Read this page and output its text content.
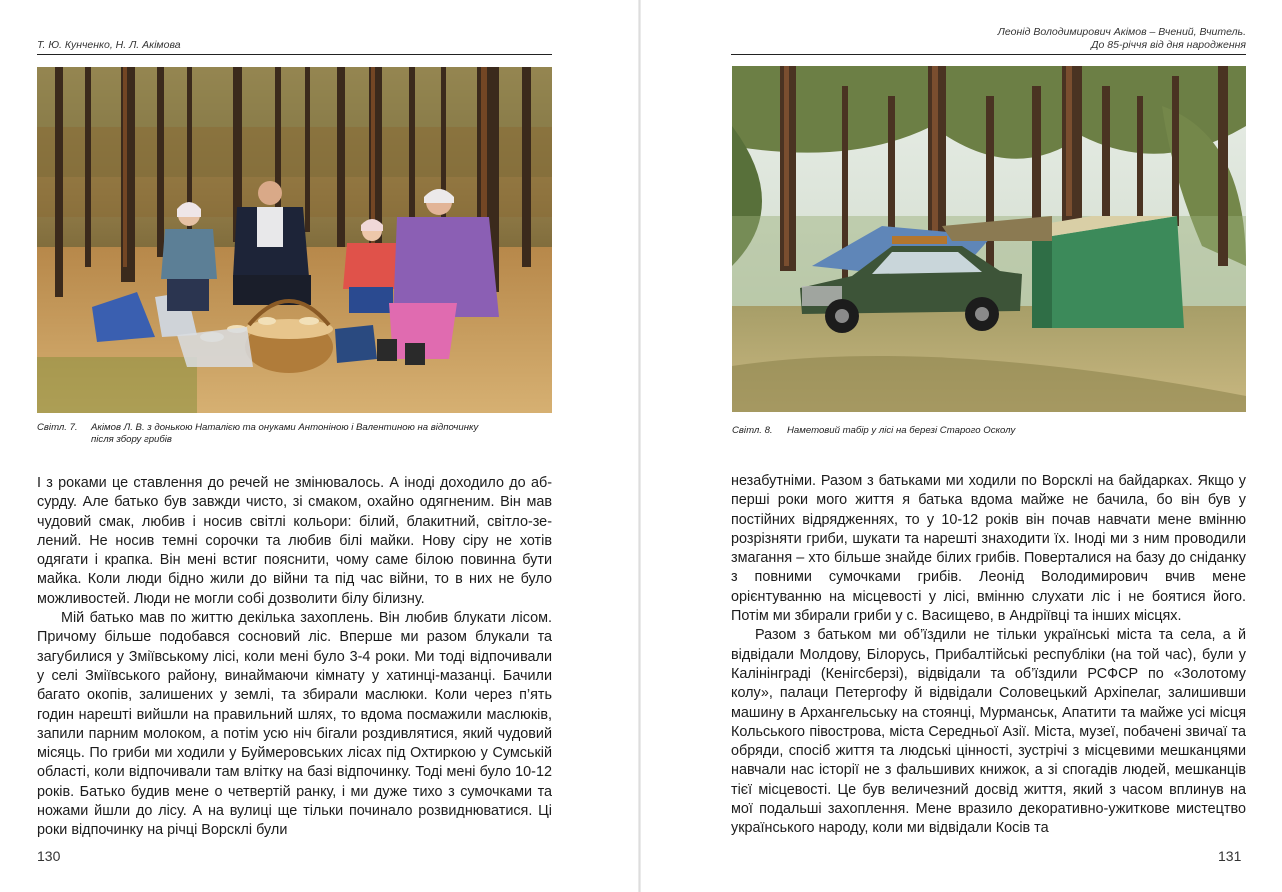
Т. Ю. Кунченко, Н. Л. Акімова
Світл. 7. Акімов Л. В. з донькою Наталією та онуками Антоніною і Валентиною на відпочинку
після збору грибів

І з роками це ставлення до речей не змінювалось. А іноді доходило до абсурду. Але батько був завжди чисто, зі смаком, охайно одягненим. Він мав чудовий смак, любив і носив світлі кольори: білий, блакитний, світло-зелений. Не носив темні сорочки та любив білі майки. Нову сіру не хотів одягати і крапка. Він мені встиг пояснити, чому саме білою повинна бути майка. Коли люди бідно жили до війни та під час війни, то в них не було можливостей. Люди не могли собі дозволити білу білизну.

Мій батько мав по життю декілька захоплень. Він любив блукати лісом. Причому більше подобався сосновий ліс. Вперше ми разом блукали та загубилися у Зміївському лісі, коли мені було 3-4 роки. Ми тоді відпочивали у селі Зміївського району, винаймаючи кімнату у хатинці-мазанці. Бачили багато окопів, залишених у землі, та збирали маслюки. Коли через п’ять годин нарешті вийшли на правильний шлях, то вдома посмажили маслюків, запили парним молоком, а потім усю ніч бігали роздивлятися, який чудовий місяць. По гриби ми ходили у Буймеровських лісах під Охтиркою у Сумській області, коли відпочивали там влітку на базі відпочинку. Тоді мені було 10-12 років. Батько будив мене о четвертій ранку, і ми дуже тихо з сумочками та ножами йшли до лісу. А на вулиці ще тільки починало розвиднюватися. Ці роки відпочинку на річці Ворсклі були

130
Леонід Володимирович Акімов – Вчений, Вчитель.
До 85-річчя від дня народження
Світл. 8. Наметовий табір у лісі на березі Старого Осколу

незабутніми. Разом з батьками ми ходили по Ворсклі на байдарках. Якщо у перші роки мого життя я батька вдома майже не бачила, бо він був у постійних відрядженнях, то у 10-12 років він почав навчати мене вмінню розрізняти гриби, шукати та нарешті знаходити їх. Іноді ми з ним проводили змагання – хто більше знайде білих грибів. Поверталися на базу до сніданку з повними сумочками грибів. Леонід Володимирович вчив мене орієнтуванню на місцевості у лісі, вмінню слухати ліс і не боятися його. Потім ми збирали гриби у с. Васищево, в Андріївці та інших місцях.

Разом з батьком ми об’їздили не тільки українські міста та села, а й відвідали Молдову, Білорусь, Прибалтійські республіки (на той час), були у Калінінграді (Кенігсберзі), відвідали та об’їздили РСФСР по «Золотому колу», палаци Петергофу й відвідали Соловецький Архіпелаг, залишивши машину в Архангельську на стоянці, Мурманськ, Апатити та майже усі місця Кольського півострова, міста Середньої Азії. Міста, музеї, побачені звичаї та обряди, спосіб життя та людські цінності, зустрічі з місцевими мешканцями навчали нас історії не з фальшивих книжок, а зі спогадів людей, мешканців тієї місцевості. Це був величезний досвід життя, який з часом вплинув на мої подальші захоплення. Мене вразило декоративно-ужиткове мистецтво українського народу, коли ми відвідали Косів та

131
